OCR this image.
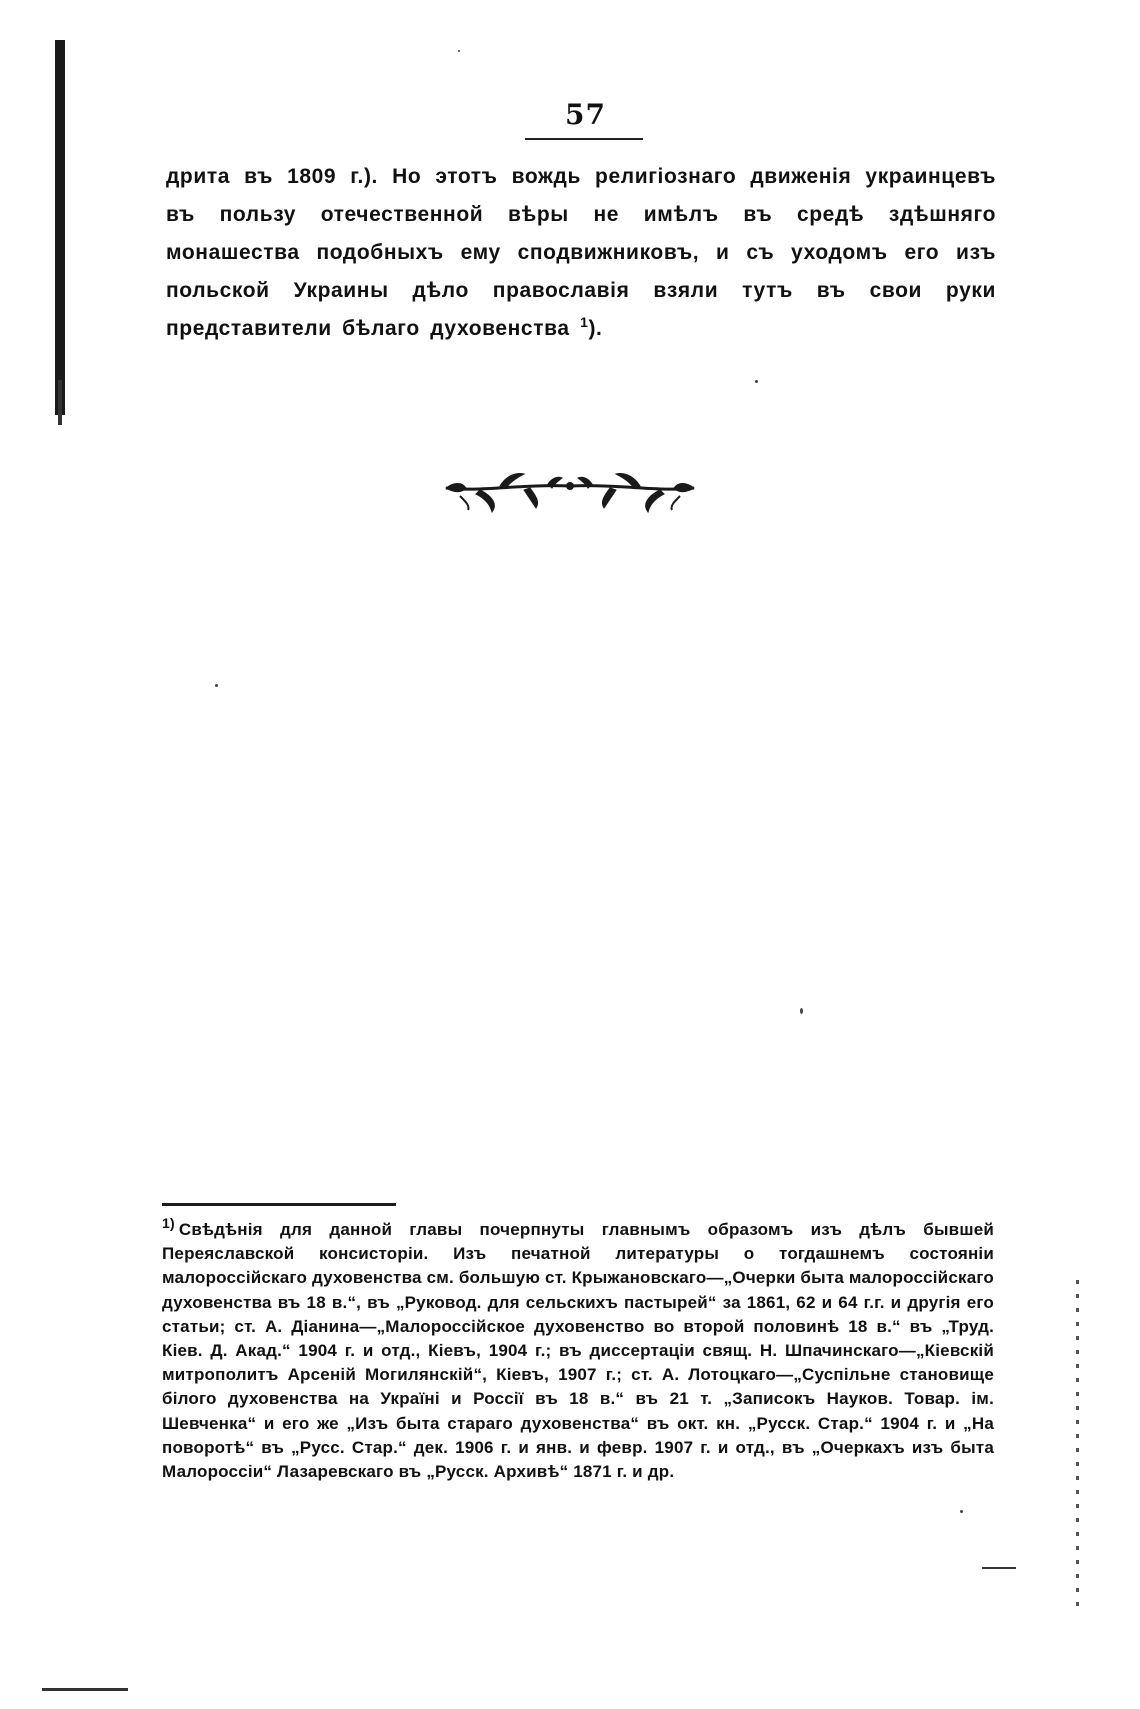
57
дрита въ 1809 г.). Но этотъ вождь религіознаго движенія украинцевъ въ пользу отечественной вѣры не имѣлъ въ средѣ здѣшняго монашества подобныхъ ему сподвижниковъ, и съ уходомъ его изъ польской Украины дѣло православія взяли тутъ въ свои руки представители бѣлаго духовенства $^1$).
$^{1)}$ Свѣдѣнія для данной главы почерпнуты главнымъ образомъ изъ дѣлъ бывшей Переяславской консисторіи. Изъ печатной литературы о тогдашнемъ состояніи малороссійскаго духовенства см. большую ст. Крыжановскаго—„Очерки быта малороссійскаго духовенства въ 18 в.“, въ „Руковод. для сельскихъ пастырей“ за 1861, 62 и 64 г.г. и другія его статьи; ст. А. Діанина—„Малороссійское духовенство во второй половинѣ 18 в.“ въ „Труд. Кіев. Д. Акад.“ 1904 г. и отд., Кіевъ, 1904 г.; въ диссертаціи свящ. Н. Шпачинскаго—„Кіевскій митрополитъ Арсеній Могилянскій“, Кіевъ, 1907 г.; ст. А. Лотоцкаго—„Суспільне становище білого духовенства на Україні и Россії въ 18 в.“ въ 21 т. „Записокъ Науков. Товар. ім. Шевченка“ и его же „Изъ быта стараго духовенства“ въ окт. кн. „Русск. Стар.“ 1904 г. и „На поворотѣ“ въ „Русс. Стар.“ дек. 1906 г. и янв. и февр. 1907 г. и отд., въ „Очеркахъ изъ быта Малороссіи“ Лазаревскаго въ „Русск. Архивѣ“ 1871 г. и др.
